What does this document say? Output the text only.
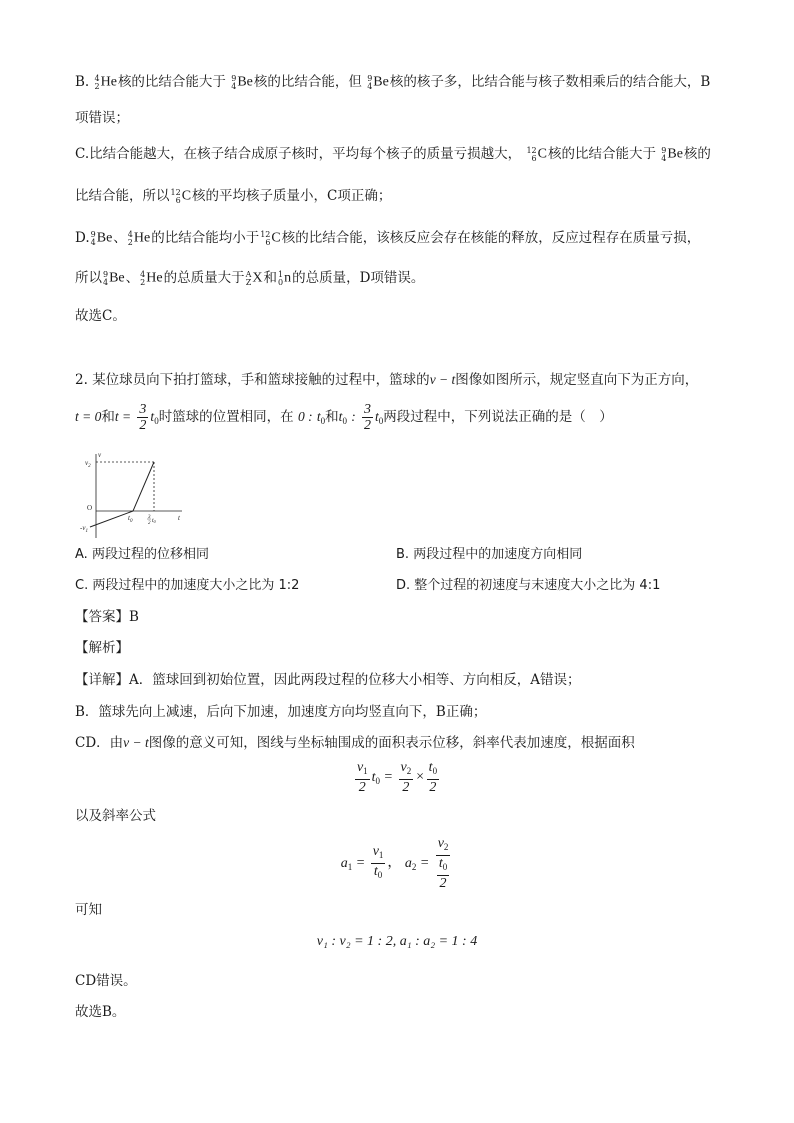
B. 4
2 He核的比结合能大于 9
4 Be核的比结合能，但 9
4 Be核的核子多，比结合能与核子数相乘后的结合能大，B
项错误；
C.比结合能越大，在核子结合成原子核时，平均每个核子的质量亏损越大， 12
6 C核的比结合能大于 9
4 Be核的
比结合能，所以 12
6 C核的平均核子质量小，C项正确；
D. 9
4 Be、 4
2 He的比结合能均小于 12
6 C核的比结合能，该核反应会存在核能的释放，反应过程存在质量亏损，
所以 9
4 Be、 4
2 He的总质量大于 A
Z X和 1
0 n的总质量，D项错误。
故选C。
2. 某位球员向下拍打篮球，手和篮球接触的过程中，篮球的v − t图像如图所示，规定竖直向下为正方向，
t = 0和$t = \frac{3}{2} t_0$时篮球的位置相同，在 0 : $t_0$和$t_0$ : $\frac{3}{2} t_0$两段过程中，下列说法正确的是（　）
v
t
$v_2$
$-v_1$
O
$t_0$
3
2 t0
A. 两段过程的位移相同	B. 两段过程中的加速度方向相同
C. 两段过程中的加速度大小之比为 1:2	D. 整个过程的初速度与末速度大小之比为 4:1
【答案】B
【解析】
【详解】A．篮球回到初始位置，因此两段过程的位移大小相等、方向相反，A错误；
B．篮球先向上减速，后向下加速，加速度方向均竖直向下，B正确；
CD．由v − t图像的意义可知，图线与坐标轴围成的面积表示位移，斜率代表加速度，根据面积
$\frac{v_1}{2} t_0 = \frac{v_2}{2} \times \frac{t_0}{2}$
以及斜率公式
$a_1 = \frac{v_1}{t_0}$ ， $a_2 = v_2$
$t_0$
2
可知
v₁ : v₂ = 1 : 2, a₁ : a₂ = 1 : 4
CD错误。
故选B。
